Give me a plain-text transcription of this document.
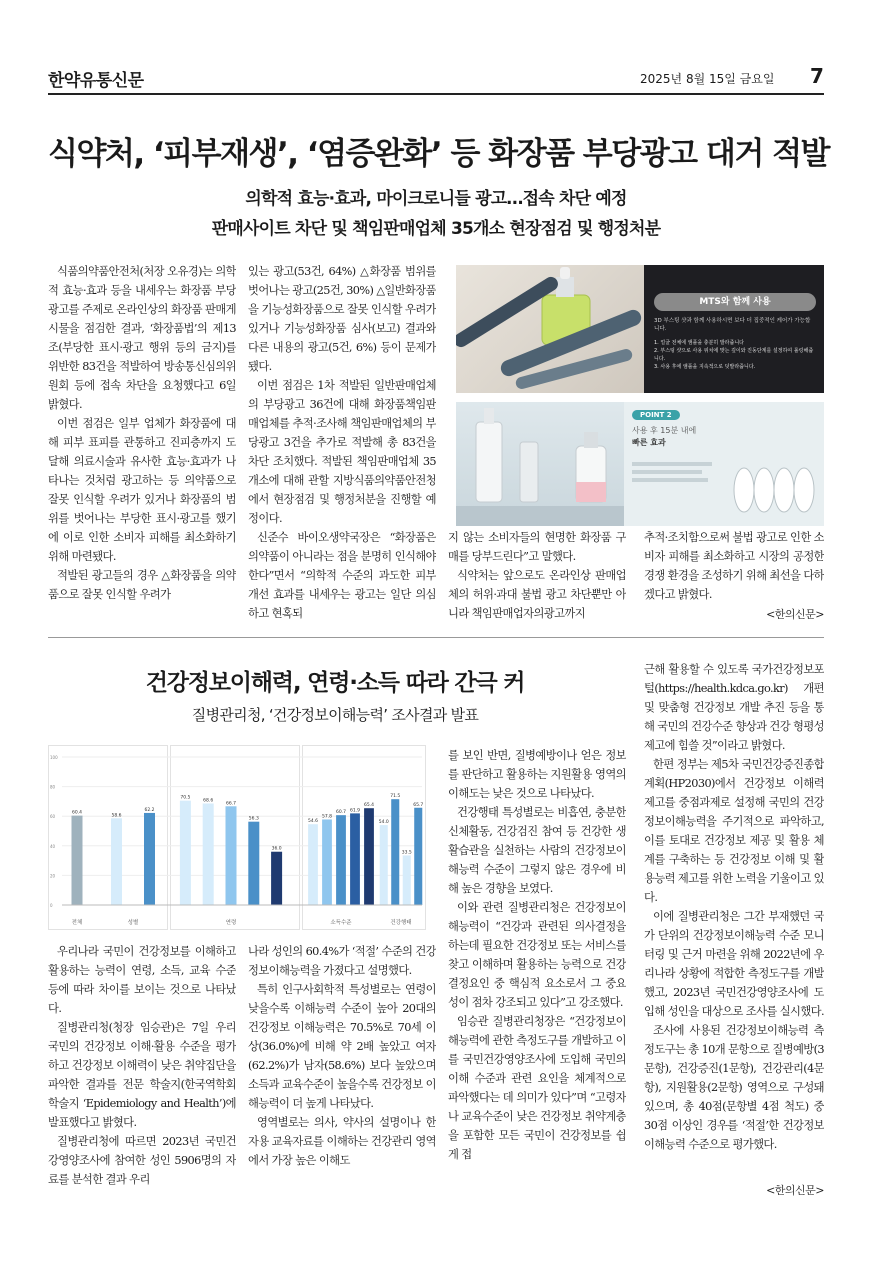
한약유통신문	2025년 8월 15일 금요일 7
식약처, ‘피부재생’, ‘염증완화’ 등 화장품 부당광고 대거 적발
의학적 효능·효과, 마이크로니들 광고…접속 차단 예정
판매사이트 차단 및 책임판매업체 35개소 현장점검 및 행정처분

식품의약품안전처(처장 오유경)는 의학적 효능·효과 등을 내세우는 화장품 부당광고를 주제로 온라인상의 화장품 판매게시물을 점검한 결과, ‘화장품법’의 제13조(부당한 표시·광고 행위 등의 금지)를 위반한 83건을 적발하여 방송통신심의위원회 등에 접속 차단을 요청했다고 6일 밝혔다.

이번 점검은 일부 업체가 화장품에 대해 피부 표피를 관통하고 진피층까지 도달해 의료시술과 유사한 효능·효과가 나타나는 것처럼 광고하는 등 의약품으로 잘못 인식할 우려가 있거나 화장품의 범위를 벗어나는 부당한 표시·광고를 했기에 이로 인한 소비자 피해를 최소화하기 위해 마련됐다.

적발된 광고들의 경우 △화장품을 의약품으로 잘못 인식할 우려가

있는 광고(53건, 64%) △화장품 범위를 벗어나는 광고(25건, 30%) △일반화장품을 기능성화장품으로 잘못 인식할 우려가있거나 기능성화장품 심사(보고) 결과와 다른 내용의 광고(5건, 6%) 등이 문제가 됐다.

이번 점검은 1차 적발된 일반판매업체의 부당광고 36건에 대해 화장품책임판매업체를 추적·조사해 책임판매업체의 부당광고 3건을 추가로 적발해 총 83건을 차단 조치했다. 적발된 책임판매업체 35개소에 대해 관할 지방식품의약품안전청에서 현장점검 및 행정처분을 진행할 예정이다.

신준수 바이오생약국장은 “화장품은 의약품이 아니라는 점을 분명히 인식해야 한다”면서 “의학적 수준의 과도한 피부 개선 효과를 내세우는 광고는 일단 의심하고 현혹되

MTS와 함께 사용
3D 부스팅 샷과 함께 사용하시면 보다 더 집중적인 케어가 가능합니다.
1. 얼굴 전체에 앰플을 충분히 발라줍니다
2. 부스팅 샷으로 사용 위치에 맞는 깊이와 진동단계를 설정하여 롤링해줍니다.
3. 사용 후에 앰플을 지속적으로 덧발라줍니다.
POINT 2
사용 후 15분 내에
빠른 효과

지 않는 소비자들의 현명한 화장품 구매를 당부드린다”고 말했다.

식약처는 앞으로도 온라인상 판매업체의 허위·과대 불법 광고 차단뿐만 아니라 책임판매업자의광고까지

추적·조치함으로써 불법 광고로 인한 소비자 피해를 최소화하고 시장의 공정한 경쟁 환경을 조성하기 위해 최선을 다하겠다고 밝혔다.

<한의신문>
건강정보이해력, 연령·소득 따라 간극 커
질병관리청, ‘건강정보이해능력’ 조사결과 발표
0
20
40
60
80
100
60.4
전체
58.6
62.2
성별
70.5
68.6
66.7
56.3
36.0
연령
54.6
57.8
60.7 61.9
65.4
소득수준
54.0
71.5
33.5
65.7
건강행태

우리나라 국민이 건강정보를 이해하고 활용하는 능력이 연령, 소득, 교육 수준 등에 따라 차이를 보이는 것으로 나타났다.

질병관리청(청장 임승관)은 7일 우리 국민의 건강정보 이해·활용 수준을 평가하고 건강정보 이해력이 낮은 취약집단을 파악한 결과를 전문 학술지(한국역학회 학술지 ‘Epidemiology and Health’)에 발표했다고 밝혔다.

질병관리청에 따르면 2023년 국민건강영양조사에 참여한 성인 5906명의 자료를 분석한 결과 우리

나라 성인의 60.4%가 ‘적절’ 수준의 건강정보이해능력을 가졌다고 설명했다.

특히 인구사회학적 특성별로는 연령이 낮을수록 이해능력 수준이 높아 20대의 건강정보 이해능력은 70.5%로 70세 이상(36.0%)에 비해 약 2배 높았고 여자(62.2%)가 남자(58.6%) 보다 높았으며 소득과 교육수준이 높을수록 건강정보 이해능력이 더 높게 나타났다.

영역별로는 의사, 약사의 설명이나 한자용 교육자료를 이해하는 건강관리 영역에서 가장 높은 이해도

를 보인 반면, 질병예방이나 얻은 정보를 판단하고 활용하는 지원활용 영역의 이해도는 낮은 것으로 나타났다.

건강행태 특성별로는 비흡연, 충분한 신체활동, 건강검진 참여 등 건강한 생활습관을 실천하는 사람의 건강정보이해능력 수준이 그렇지 않은 경우에 비해 높은 경향을 보였다.

이와 관련 질병관리청은 건강정보이해능력이 “건강과 관련된 의사결정을 하는데 필요한 건강정보 또는 서비스를 찾고 이해하며 활용하는 능력으로 건강 결정요인 중 핵심적 요소로서 그 중요성이 점차 강조되고 있다”고 강조했다.

임승관 질병관리청장은 “건강정보이해능력에 관한 측정도구를 개발하고 이를 국민건강영양조사에 도입해 국민의 이해 수준과 관련 요인을 체계적으로 파악했다는 데 의미가 있다”며 “고령자나 교육수준이 낮은 건강정보 취약계층을 포함한 모든 국민이 건강정보를 쉽게 접

근해 활용할 수 있도록 국가건강정보포털(https://health.kdca.go.kr) 개편 및 맞춤형 건강정보 개발 추진 등을 통해 국민의 건강수준 향상과 건강 형평성 제고에 힘쓸 것”이라고 밝혔다.

한편 정부는 제5차 국민건강증진종합계획(HP2030)에서 건강정보 이해력 제고를 중점과제로 설정해 국민의 건강정보이해능력을 주기적으로 파악하고, 이를 토대로 건강정보 제공 및 활용 체계를 구축하는 등 건강정보 이해 및 활용능력 제고를 위한 노력을 기울이고 있다.

이에 질병관리청은 그간 부재했던 국가 단위의 건강정보이해능력 수준 모니터링 및 근거 마련을 위해 2022년에 우리나라 상황에 적합한 측정도구를 개발했고, 2023년 국민건강영양조사에 도입해 성인을 대상으로 조사를 실시했다.

조사에 사용된 건강정보이해능력 측정도구는 총 10개 문항으로 질병예방(3문항), 건강증진(1문항), 건강관리(4문항), 지원활용(2문항) 영역으로 구성돼 있으며, 총 40점(문항별 4점 척도) 중 30점 이상인 경우를 ‘적절’한 건강정보이해능력 수준으로 평가했다.

<한의신문>
